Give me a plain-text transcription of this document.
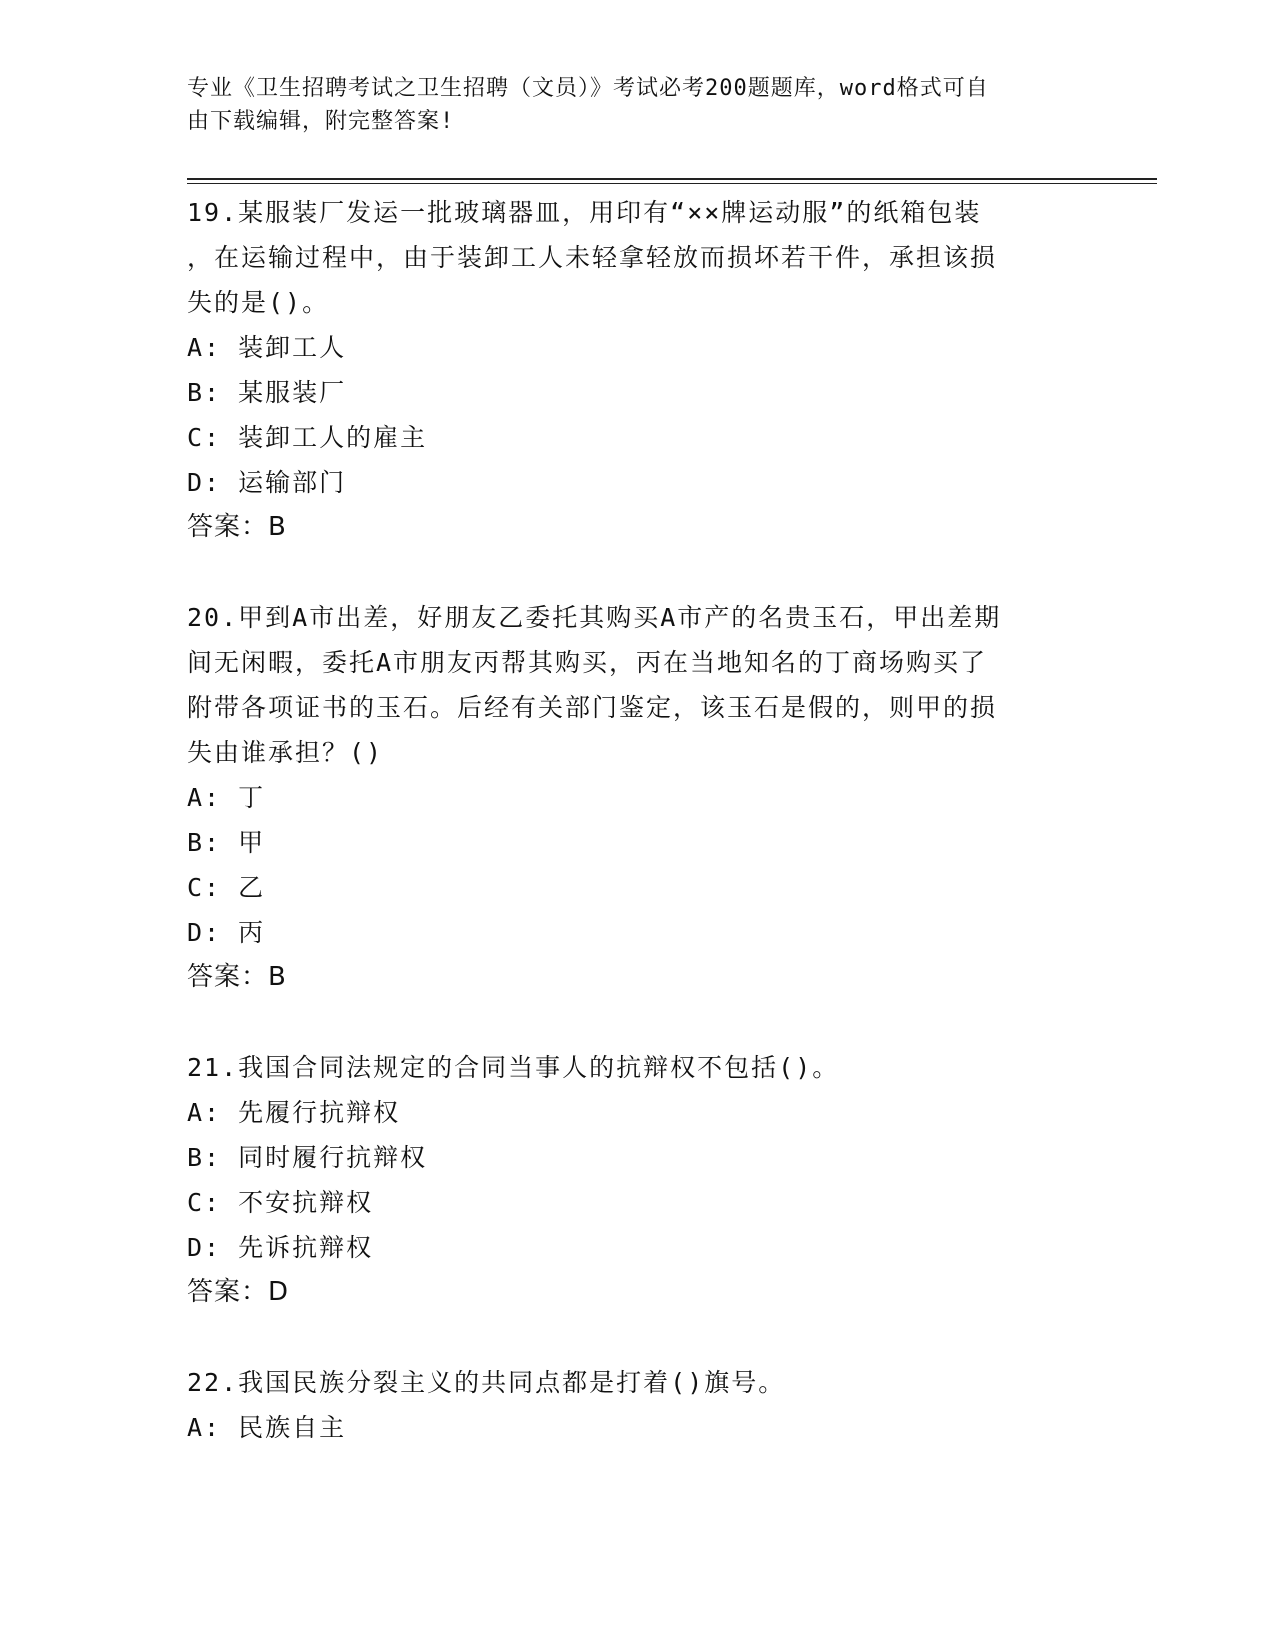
专业《卫生招聘考试之卫生招聘（文员）》考试必考200题题库，word格式可自
由下载编辑，附完整答案!
19.某服装厂发运一批玻璃器皿，用印有“××牌运动服”的纸箱包装
，在运输过程中，由于装卸工人未轻拿轻放而损坏若干件，承担该损
失的是()。
A: 装卸工人
B: 某服装厂
C: 装卸工人的雇主
D: 运输部门
答案：B
20.甲到A市出差，好朋友乙委托其购买A市产的名贵玉石，甲出差期
间无闲暇，委托A市朋友丙帮其购买，丙在当地知名的丁商场购买了
附带各项证书的玉石。后经有关部门鉴定，该玉石是假的，则甲的损
失由谁承担？()
A: 丁
B: 甲
C: 乙
D: 丙
答案：B
21.我国合同法规定的合同当事人的抗辩权不包括()。
A: 先履行抗辩权
B: 同时履行抗辩权
C: 不安抗辩权
D: 先诉抗辩权
答案：D
22.我国民族分裂主义的共同点都是打着()旗号。
A: 民族自主
